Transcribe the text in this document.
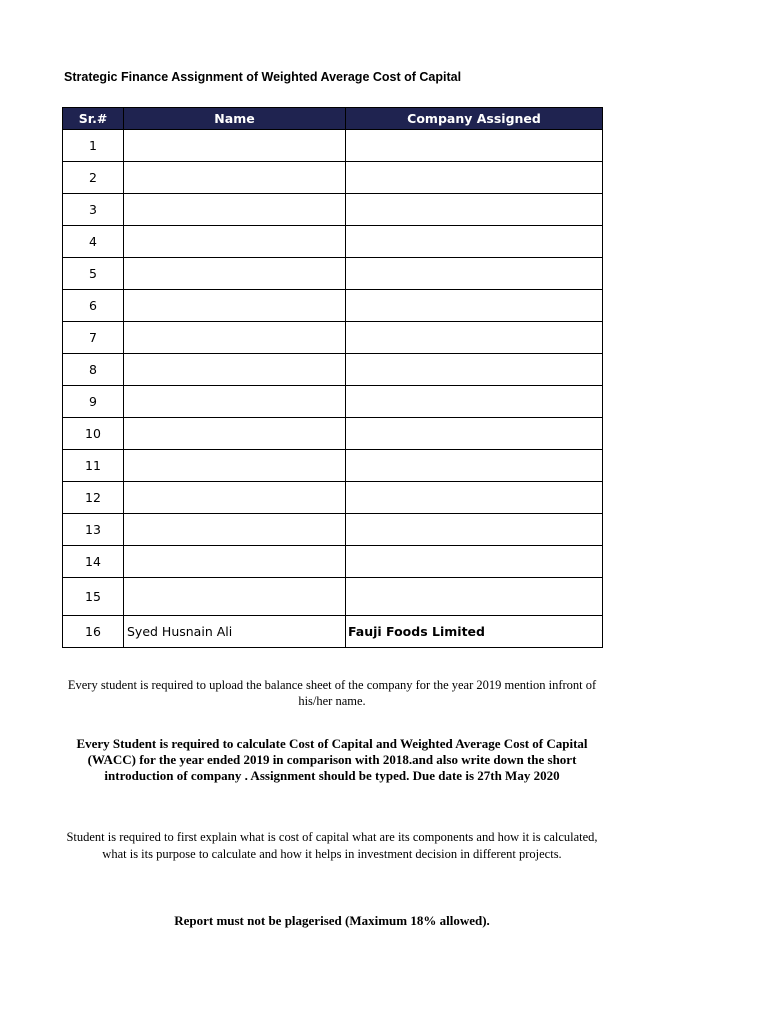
Strategic Finance Assignment of Weighted Average Cost of Capital
Sr.#	Name	Company Assigned
1		
2		
3		
4		
5		
6		
7		
8		
9		
10		
11		
12		
13		
14		
15		
16	Syed Husnain Ali	Fauji Foods Limited
Every student is required to upload the balance sheet of the company for the year 2019 mention infront of his/her name.
Every Student is required to calculate Cost of Capital and Weighted Average Cost of Capital (WACC) for the year ended 2019 in comparison with 2018.and also write down the short introduction of company . Assignment should be typed. Due date is 27th May 2020
Student is required to first explain what is cost of capital what are its components and how it is calculated, what is its purpose to calculate and how it helps in investment decision in different projects.
Report must not be plagerised (Maximum 18% allowed).
